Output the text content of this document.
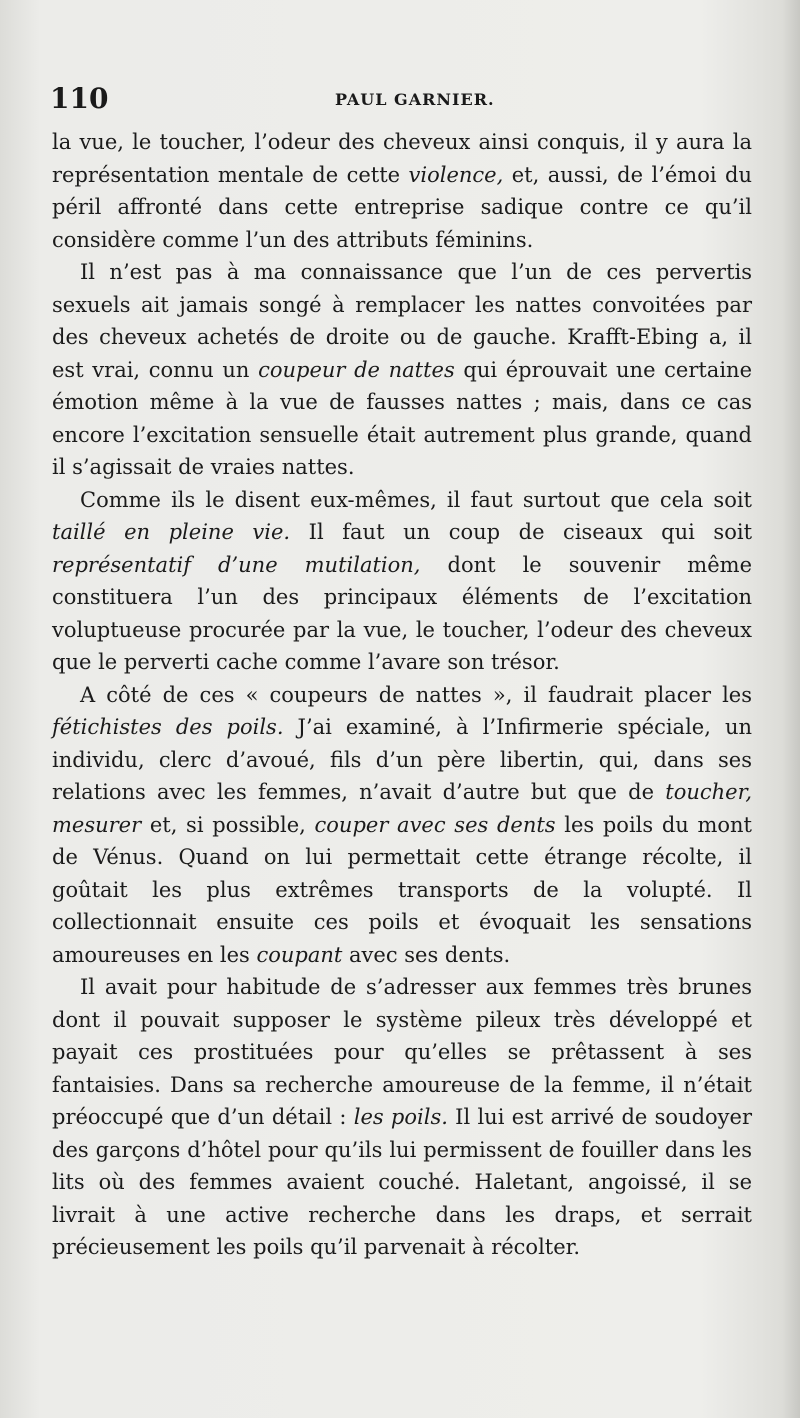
110	PAUL GARNIER.

la vue, le toucher, l’odeur des cheveux ainsi conquis, il y aura la représentation mentale de cette violence, et, aussi, de l’émoi du péril affronté dans cette entreprise sadique contre ce qu’il considère comme l’un des attributs féminins.

Il n’est pas à ma connaissance que l’un de ces pervertis sexuels ait jamais songé à remplacer les nattes convoitées par des cheveux achetés de droite ou de gauche. Krafft-Ebing a, il est vrai, connu un coupeur de nattes qui éprouvait une certaine émotion même à la vue de fausses nattes ; mais, dans ce cas encore l’excitation sensuelle était autrement plus grande, quand il s’agissait de vraies nattes.

Comme ils le disent eux-mêmes, il faut surtout que cela soit taillé en pleine vie. Il faut un coup de ciseaux qui soit représentatif d’une mutilation, dont le souvenir même constituera l’un des principaux éléments de l’excitation voluptueuse procurée par la vue, le toucher, l’odeur des cheveux que le perverti cache comme l’avare son trésor.

A côté de ces « coupeurs de nattes », il faudrait placer les fétichistes des poils. J’ai examiné, à l’Infirmerie spéciale, un individu, clerc d’avoué, fils d’un père libertin, qui, dans ses relations avec les femmes, n’avait d’autre but que de toucher, mesurer et, si possible, couper avec ses dents les poils du mont de Vénus. Quand on lui permettait cette étrange récolte, il goûtait les plus extrêmes transports de la volupté. Il collectionnait ensuite ces poils et évoquait les sensations amoureuses en les coupant avec ses dents.

Il avait pour habitude de s’adresser aux femmes très brunes dont il pouvait supposer le système pileux très développé et payait ces prostituées pour qu’elles se prêtassent à ses fantaisies. Dans sa recherche amoureuse de la femme, il n’était préoccupé que d’un détail : les poils. Il lui est arrivé de soudoyer des garçons d’hôtel pour qu’ils lui permissent de fouiller dans les lits où des femmes avaient couché. Haletant, angoissé, il se livrait à une active recherche dans les draps, et serrait précieusement les poils qu’il parvenait à récolter.
